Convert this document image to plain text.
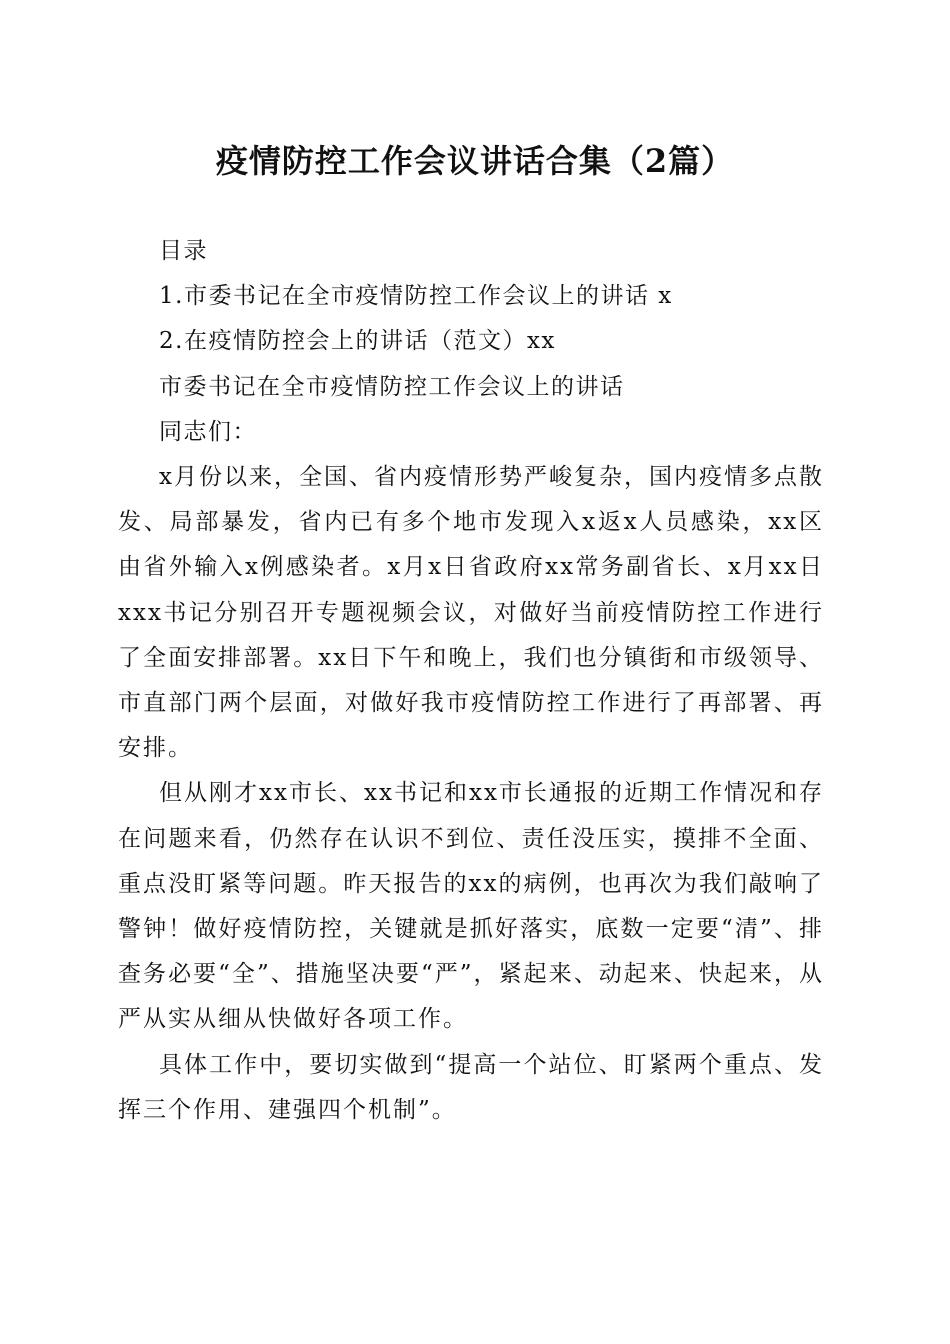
疫情防控工作会议讲话合集（2篇）

目录

1.市委书记在全市疫情防控工作会议上的讲话 x

2.在疫情防控会上的讲话（范文）xx

市委书记在全市疫情防控工作会议上的讲话

同志们：

x月份以来，全国、省内疫情形势严峻复杂，国内疫情多点散发、局部暴发，省内已有多个地市发现入x返x人员感染，xx区由省外输入x例感染者。x月x日省政府xx常务副省长、x月xx日xxx书记分别召开专题视频会议，对做好当前疫情防控工作进行了全面安排部署。xx日下午和晚上，我们也分镇街和市级领导、市直部门两个层面，对做好我市疫情防控工作进行了再部署、再安排。

但从刚才xx市长、xx书记和xx市长通报的近期工作情况和存在问题来看，仍然存在认识不到位、责任没压实，摸排不全面、重点没盯紧等问题。昨天报告的xx的病例，也再次为我们敲响了警钟！做好疫情防控，关键就是抓好落实，底数一定要“清”、排查务必要“全”、措施坚决要“严”，紧起来、动起来、快起来，从严从实从细从快做好各项工作。

具体工作中，要切实做到“提高一个站位、盯紧两个重点、发挥三个作用、建强四个机制”。
